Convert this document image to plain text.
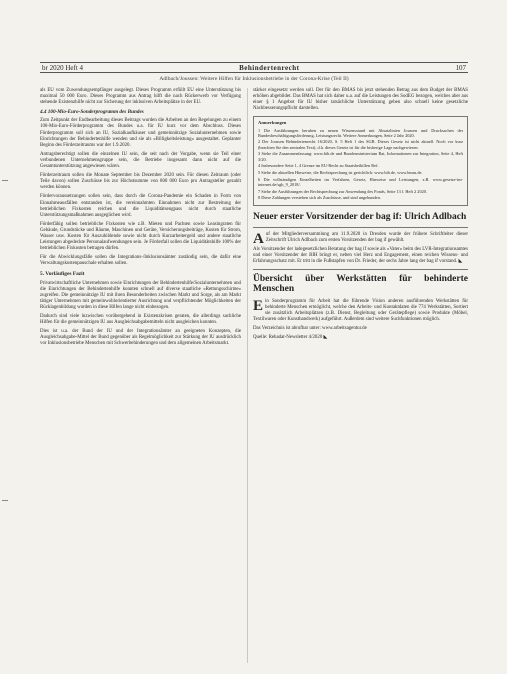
br 2020 Heft 4	Behindertenrecht	107
Adlbach/Joussen: Weitere Hilfen für Inklusionsbetriebe in der Corona-Krise (Teil II)

als EU vom Zuwendungsempfänger ausgelegt. Dieses Programm erfüllt EU eine Unterstützung bis maximal 50 000 Euro. Dieses Programm aus Antrag hilft die nach Rückerwerb vor Verfügung stehende Existenzhilfe nicht zur Sicherung der inklusiven Arbeitsplätze in der EU.

4.4 100-Mio-Euro-Sonderprogramm des Bundes

Zum Zeitpunkt der Endbearbeitung dieses Beitrags wurden die Arbeiten an den Regelungen zu einem 100-Mio-Euro-Förderprogramm des Bundes u.a. für IU kurz vor dem Abschluss. Dieses Förderprogramm soll sich an IU, Sozialkaufhäuser und gemeinnützige Sozialunternehmen sowie Einrichtungen der Behindertenhilfe wenden und sie als »Billigkeitsleistung« ausgestaltet. Geplanter Beginn des Förderzeitraums war der 1.9.2020.

Antragsberechtigt sollen die einzelnen IU sein, die seit nach der Vorgabe, wenn sie Teil einer verbundenen Unternehmensgruppe sein, die Betriebe insgesamt dann nicht auf die Gesamtunterstützung angewiesen wären.

Förderzeitraum sollen die Monate September bis Dezember 2020 sein. Für diesen Zeitraum (oder Teile davon) sollen Zuschüsse bis zur Höchstsumme von 800 000 Euro pro Antragsteller gezahlt werden können.

Fördervoraussetzungen sollen sein, dass durch die Corona-Pandemie ein Schaden in Form von Einnahmeausfällen entstanden ist, die vereinnahmten Einnahmen nicht zur Bestreitung der betrieblichen Fixkosten reichen und die Liquiditätsengpass nicht durch staatliche Unterstützungsmaßnahmen ausgeglichen wird.

Förderfähig sollen betriebliche Fixkosten wie z.B. Mieten und Pachten sowie Leasingraten für Gebäude, Grundstücke und Räume, Maschinen und Geräte, Versicherungsbeiträge, Kosten für Strom, Wasser usw. Kosten für Auszubildende sowie nicht durch Kurzarbeitergeld und andere staatliche Leistungen abgedeckte Personalaufwendungen sein. Je Förderfall sollen die Liquiditätshilfe 100% der betrieblichen Fixkosten betragen dürfen.

Für die Abwicklungsfälle sollen die Integrations-/Inklusionsämter zuständig sein, die dafür eine Verwaltungskostenpauschale erhalten sollen.

5. Vorläufiges Fazit

Privatwirtschaftliche Unternehmen sowie Einrichtungen der Behindertenhilfe/Sozialunternehmen und die Einrichtungen der Behindertenhilfe konnten schnell auf diverse staatliche »Rettungsschirme« zugreifen. Die gemeinnützige IU mit ihren Besonderheiten zwischen Markt und Sorge, als am Markt tätiger Unternehmen mit gemeinwohlorientierter Ausrichtung und verpflichtender Möglichkeiten der Rücklagenbildung wurden in diese Hilfen lange nicht einbezogen.

Dadurch sind viele inzwischen vorübergehend in Existenzkrisen geraten, die allerdings sachliche Hilfen für die gemeinnützigen IU aus Ausgleichsabgabemitteln nicht ausgleichen konnten.

Dies ist u.a. der Bund der IU und der Integrationsämter an geeigneten Konzepten, die Ausgleichsabgabe-Mittel der Bund gegenüber als Regelmöglichkeit zur Stärkung der IU ausdrücklich vor Inklusionsbetriebe Menschen mit Schwerbehinderungen und dem allgemeinen Arbeitsmarkt.

stärker eingesetzt werden soll. Der für den BMAS bis jetzt stehenden Betrag aus dem Budget der BMAS erhöhen abgebildet. Das BMAS hat sich daher u.a. auf die Leistungen des SodEG bezogen, welches aber aus einer § 1 Angebot für IU bisher tatsächliche Unterstützung geben also schnell keine gesetzliche Nachbesserungspflicht darstellen.

Anmerkungen
1 Die Ausführungen beruhen zu neuen Wissensstand mit Absatzlinien Joussen und Drucksachen der Bundesbeschäftigungsförderung, Leistungsrecht. Weitere Anmerkungen, Seite 2 Jahr 2020.
2 Der Joussen Behindertenrecht 16/2020, S. 5 Heft 1 des SGB. Dieses Gesetz ist nicht aktuell. Noch vor kurz (beachten Sie den zentralen Text), d.h. dieses Gesetz ist für die bisherige Lage nachgewiesen.
3 Siehe die Zusammenfassung: www.bih.de und Bundesministerium Rat, Informationen zur Integration, Seite 4, Heft 3/20.
4 Insbesondere Seite 1, 4 Grenze im EU-Recht zu Staatsbeihilfen Ref.
5 Siehe die aktuellen Hinweise, die Rechtsprechung ist gerichtlich: www.bih.de, www.bmas.de.
6 Die vollständigen Einzelheiten im Verfahren, Gesetz, Hinweise und Leistungen, z.B. www.gesetze-im-internet.de/sgb_9_2018/.
7 Siehe die Ausführungen der Rechtsprechung zur Anwendung des Fonds, Seite 13 f. Heft 2 2020.
8 Diese Zahlungen verstehen sich als Zuschüsse, und sind ungebunden.
Neuer erster Vorsitzender der bag if: Ulrich Adlbach

Auf der Mitgliederversammlung am 11.9.2020 in Dresden wurde der frühere Schriftleiter dieser Zeitschrift Ulrich Adlbach zum ersten Vorsitzenden der bag if gewählt.

Als Vorsitzender der ladegesetzlichen Beratung der bag if sowie als »Vater« beim des LVR-Integrationsamtes und einer Vorsitzender der BIH bringt er, neben viel Herz und Engagement, einen reichen Wissens- und Erfahrungsschatz mit. Er tritt in die Fußstapfen von Dr. Frieder, der sechs Jahre lang der bag if vorstand. ◣

Übersicht über Werkstätten für behinderte Menschen

Ein Sonderprogramm für Arbeit hat die führende Vision anderen ausführenden Werkstätten für behinderte Menschen ermöglicht, welche den Arbeits- und Kontaktdaten die 774 Werkstätten, Sortiert sie zusätzlich Arbeitsplätzen (z.B. Dienst, Begleitung oder Gerätepflege) sowie Produkte (Möbel, Textilwaren oder Kunsthandwerk) aufgeführt. Außerdem sind weitere Suchfunktionen möglich.

Das Verzeichnis ist abrufbar unter: www.arbeitsagentur.de

Quelle: Rehadat-Newsletter 4/2020 ◣
